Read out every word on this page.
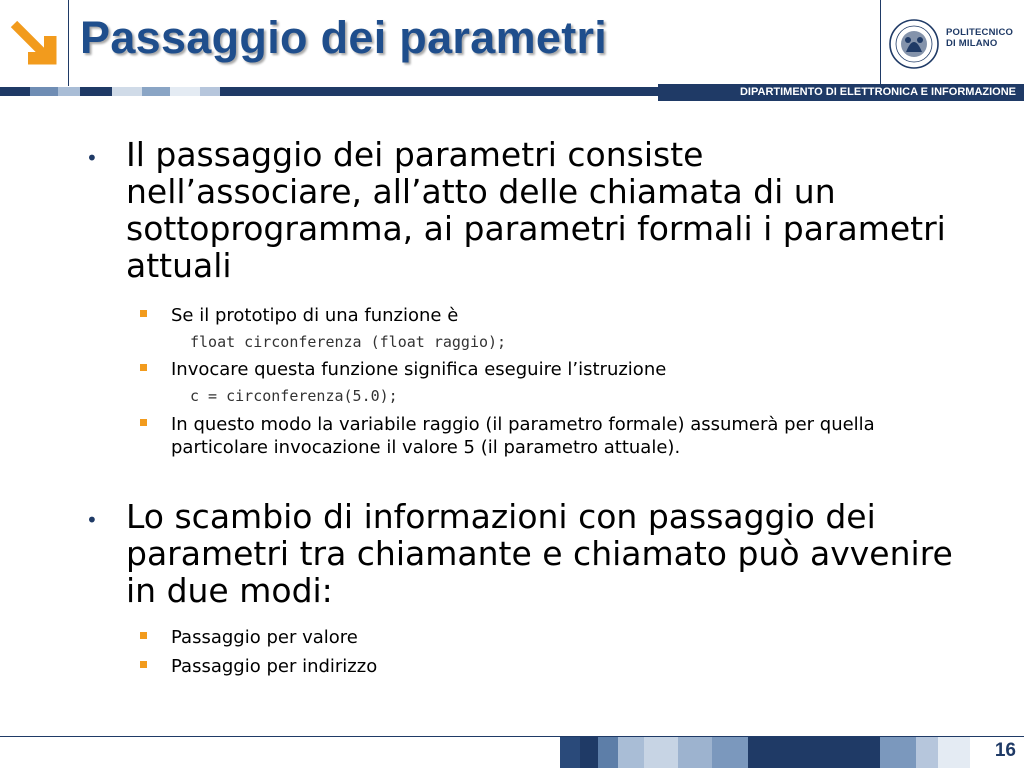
Passaggio dei parametri	POLITECNICO
DI MILANO
DIPARTIMENTO DI ELETTRONICA E INFORMAZIONE
• Il passaggio dei parametri consiste nell’associare, all’atto delle chiamata di un sottoprogramma, ai parametri formali i parametri attuali

Se il prototipo di una funzione è

float circonferenza (float raggio);

Invocare questa funzione significa eseguire l’istruzione

c = circonferenza(5.0);

In questo modo la variabile raggio (il parametro formale) assumerà per quella particolare invocazione il valore 5 (il parametro attuale).

• Lo scambio di informazioni con passaggio dei parametri tra chiamante e chiamato può avvenire in due modi:

Passaggio per valore

Passaggio per indirizzo

16
